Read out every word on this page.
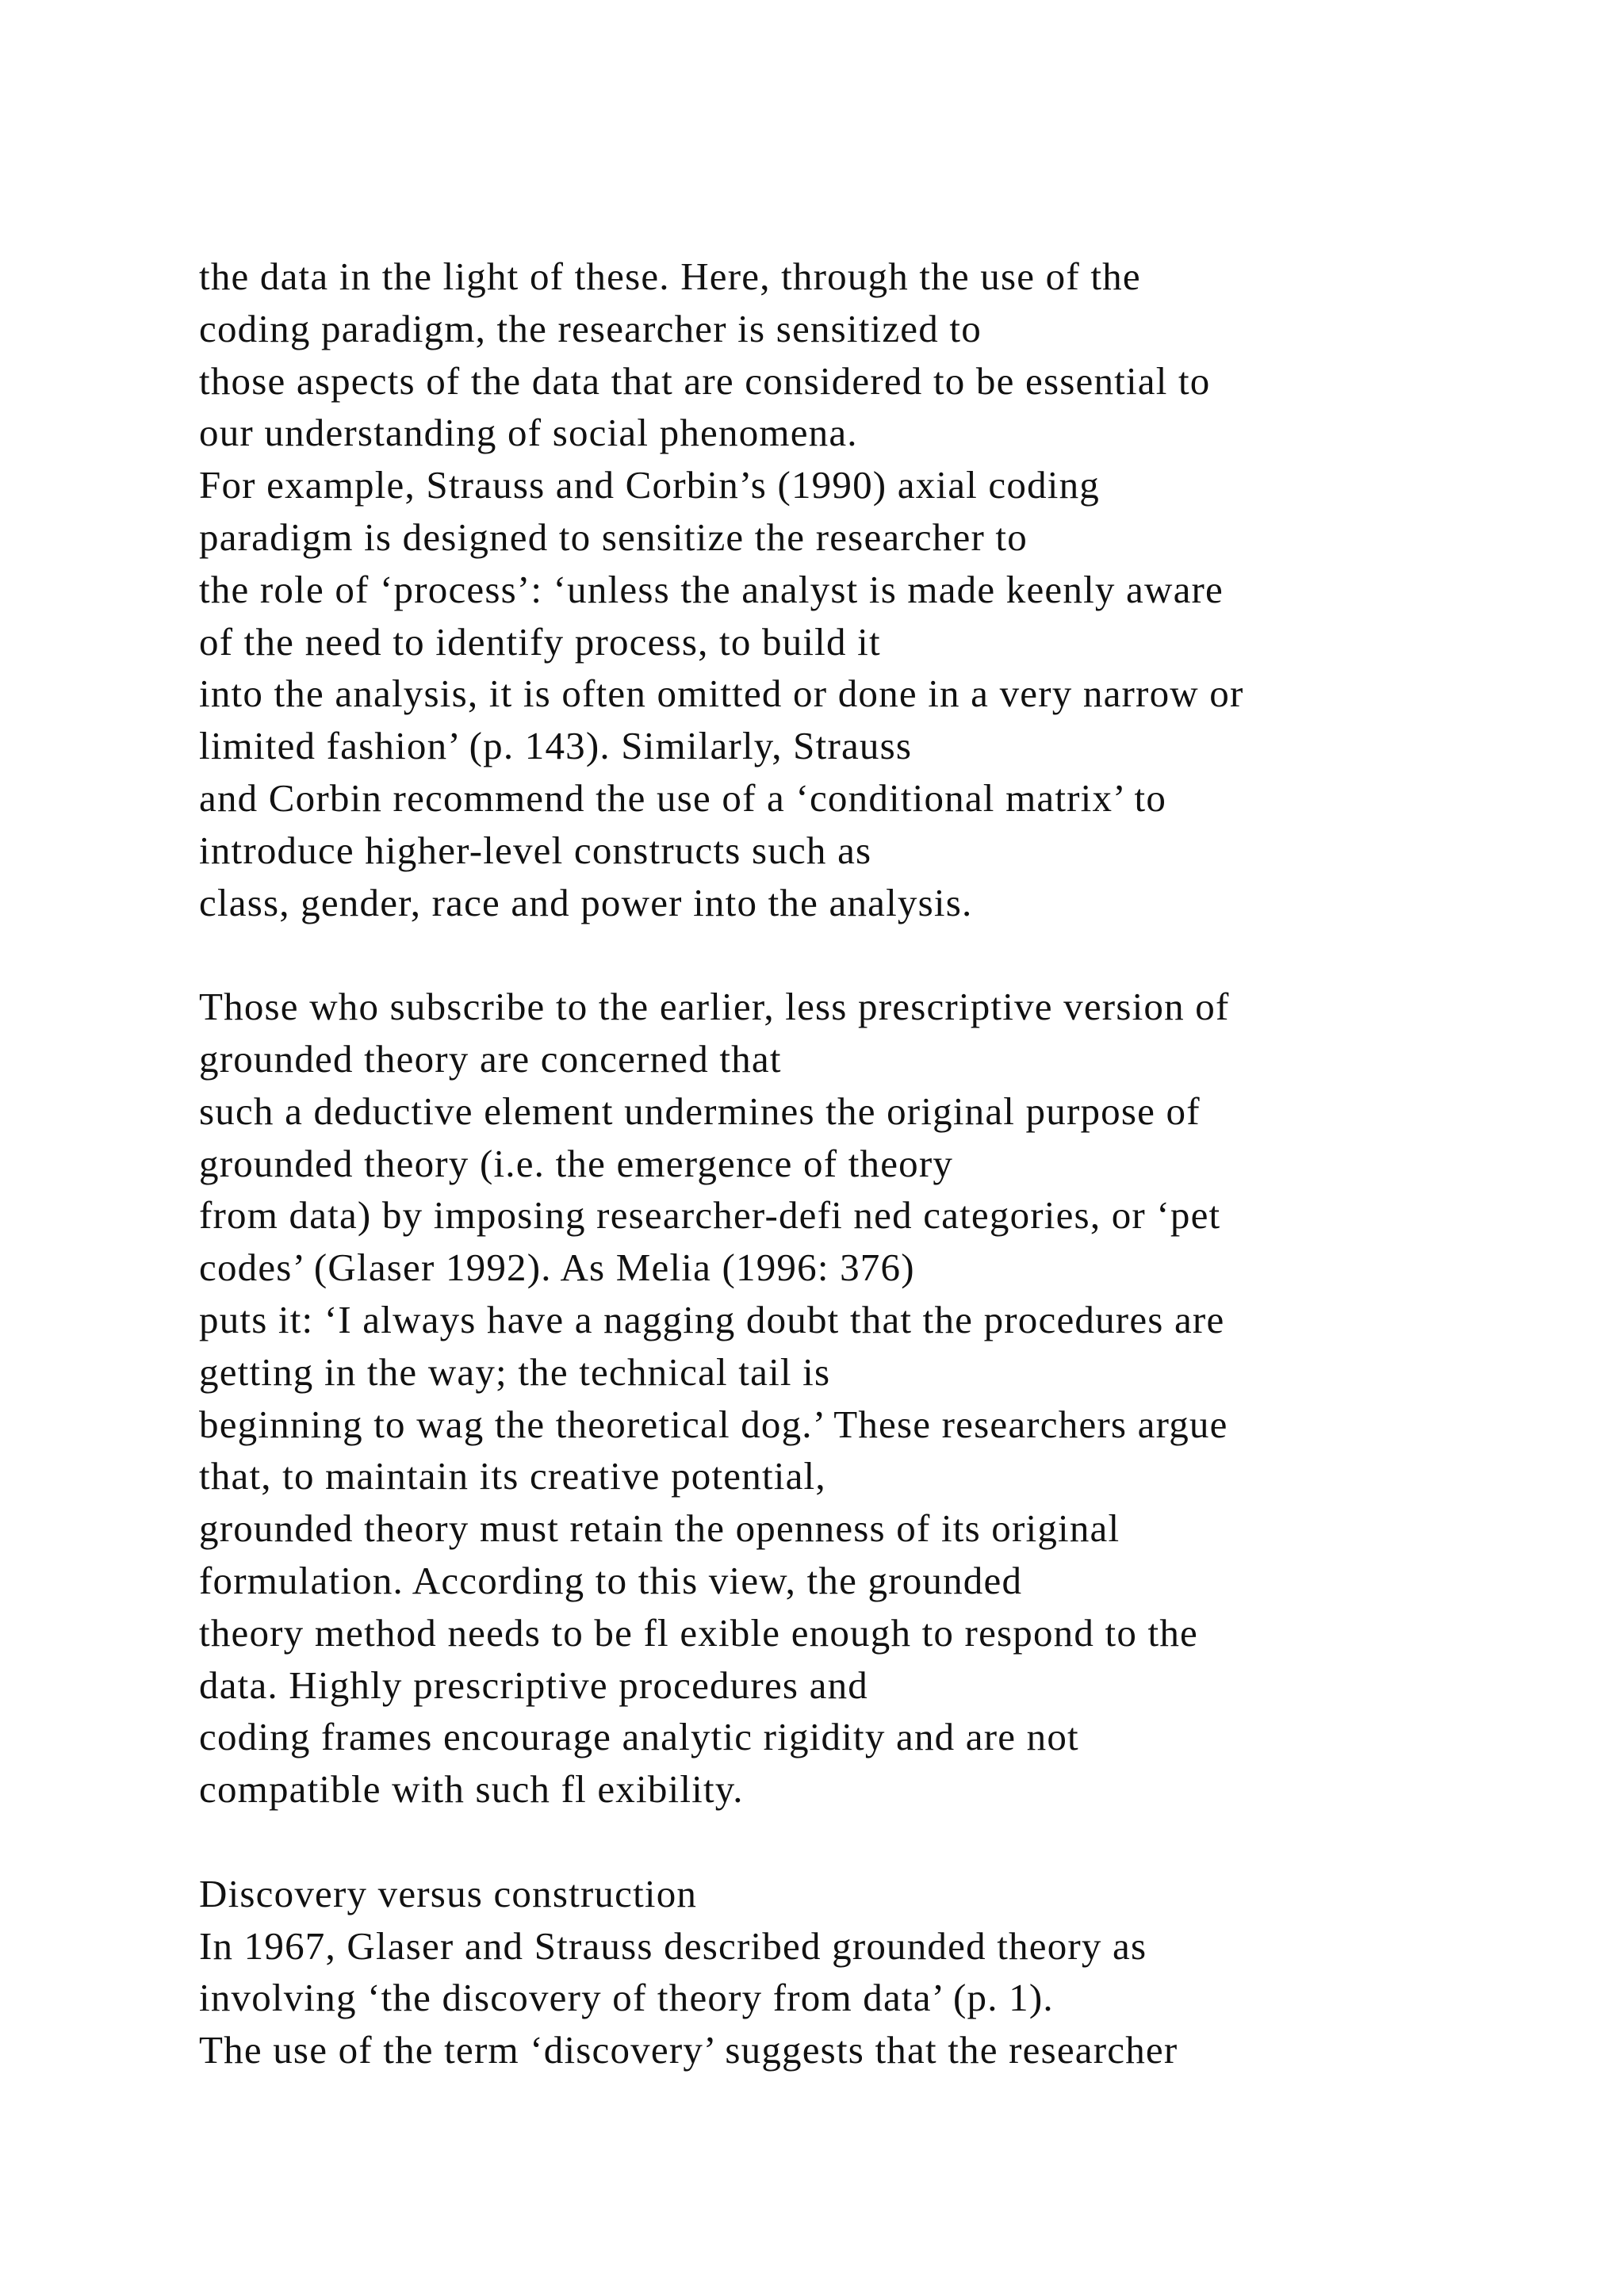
the data in the light of these. Here, through the use of the
coding paradigm, the researcher is sensitized to
those aspects of the data that are considered to be essential to
our understanding of social phenomena.
For example, Strauss and Corbin’s (1990) axial coding
paradigm is designed to sensitize the researcher to
the role of ‘process’: ‘unless the analyst is made keenly aware
of the need to identify process, to build it
into the analysis, it is often omitted or done in a very narrow or
limited fashion’ (p. 143). Similarly, Strauss
and Corbin recommend the use of a ‘conditional matrix’ to
introduce higher-level constructs such as
class, gender, race and power into the analysis.
Those who subscribe to the earlier, less prescriptive version of
grounded theory are concerned that
such a deductive element undermines the original purpose of
grounded theory (i.e. the emergence of theory
from data) by imposing researcher-defi ned categories, or ‘pet
codes’ (Glaser 1992). As Melia (1996: 376)
puts it: ‘I always have a nagging doubt that the procedures are
getting in the way; the technical tail is
beginning to wag the theoretical dog.’ These researchers argue
that, to maintain its creative potential,
grounded theory must retain the openness of its original
formulation. According to this view, the grounded
theory method needs to be fl exible enough to respond to the
data. Highly prescriptive procedures and
coding frames encourage analytic rigidity and are not
compatible with such fl exibility.
Discovery versus construction
In 1967, Glaser and Strauss described grounded theory as
involving ‘the discovery of theory from data’ (p. 1).
The use of the term ‘discovery’ suggests that the researcher
